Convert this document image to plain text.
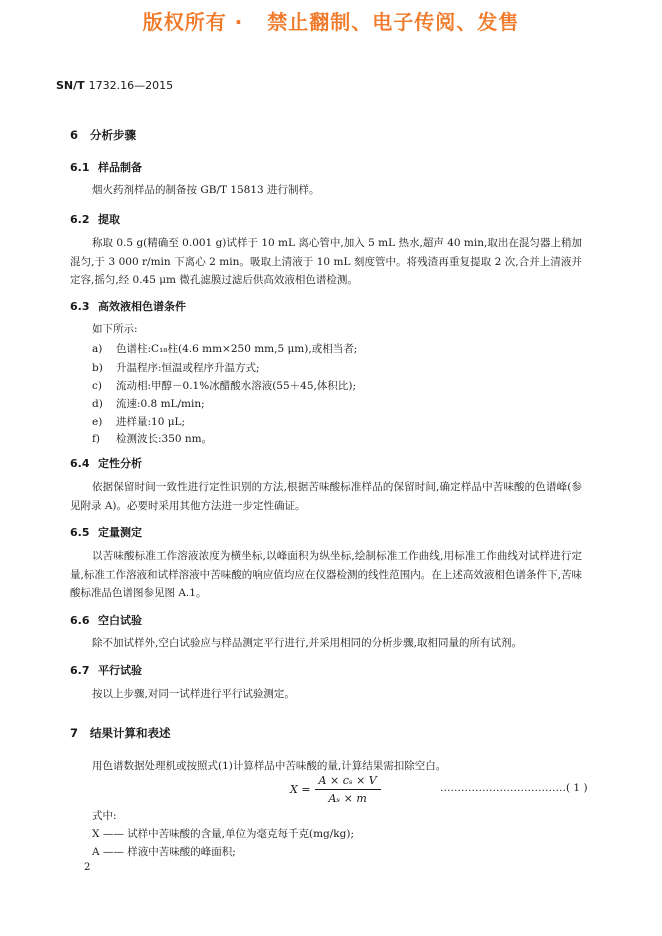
版权所有 · 禁止翻制、电子传阅、发售
SN/T 1732.16—2015
6 分析步骤
6.1 样品制备
烟火药剂样品的制备按 GB/T 15813 进行制样。
6.2 提取
称取 0.5 g(精确至 0.001 g)试样于 10 mL 离心管中,加入 5 mL 热水,超声 40 min,取出在混匀器上稍加混匀,于 3 000 r/min 下离心 2 min。吸取上清液于 10 mL 刻度管中。将残渣再重复提取 2 次,合并上清液并定容,摇匀,经 0.45 μm 微孔滤膜过滤后供高效液相色谱检测。
6.3 高效液相色谱条件
如下所示:
a) 色谱柱:C₁₈柱(4.6 mm×250 mm,5 μm),或相当者;
b) 升温程序:恒温或程序升温方式;
c) 流动相:甲醇－0.1%冰醋酸水溶液(55＋45,体积比);
d) 流速:0.8 mL/min;
e) 进样量:10 μL;
f) 检测波长:350 nm。
6.4 定性分析
依据保留时间一致性进行定性识别的方法,根据苦味酸标准样品的保留时间,确定样品中苦味酸的色谱峰(参见附录 A)。必要时采用其他方法进一步定性确证。
6.5 定量测定
以苦味酸标准工作溶液浓度为横坐标,以峰面积为纵坐标,绘制标准工作曲线,用标准工作曲线对试样进行定量,标准工作溶液和试样溶液中苦味酸的响应值均应在仪器检测的线性范围内。在上述高效液相色谱条件下,苦味酸标准品色谱图参见图 A.1。
6.6 空白试验
除不加试样外,空白试验应与样品测定平行进行,并采用相同的分析步骤,取相同量的所有试剂。
6.7 平行试验
按以上步骤,对同一试样进行平行试验测定。
7 结果计算和表述
用色谱数据处理机或按照式(1)计算样品中苦味酸的量,计算结果需扣除空白。
$X = \frac{\text{A × cₛ × V}}{\text{Aₛ × m}}$	………………………………( 1 )
式中:
X —— 试样中苦味酸的含量,单位为毫克每千克(mg/kg);
A —— 样液中苦味酸的峰面积;
2
